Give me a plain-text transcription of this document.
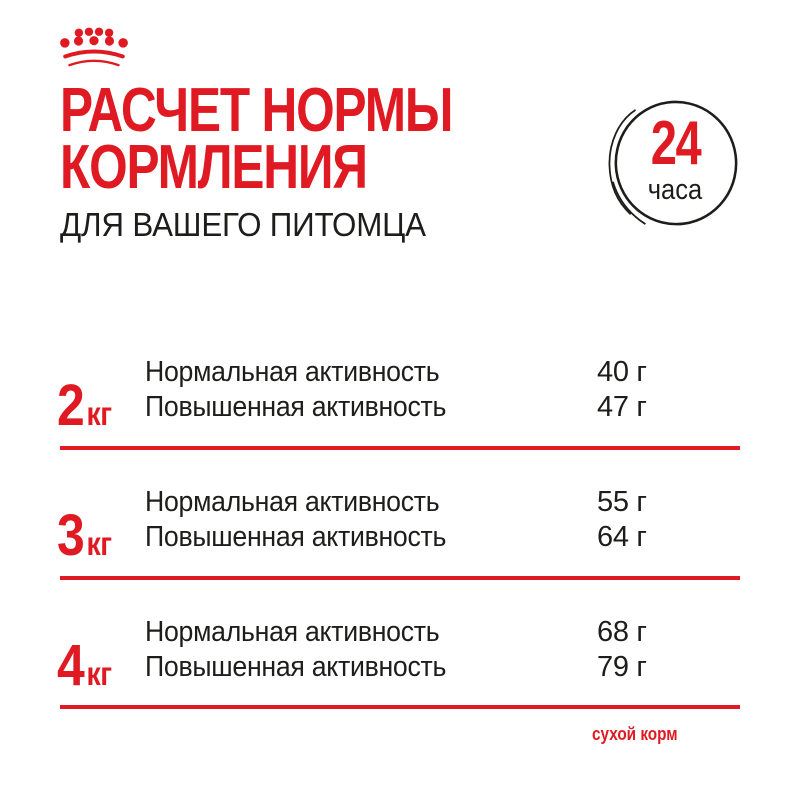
РАСЧЕТ НОРМЫ
КОРМЛЕНИЯ
ДЛЯ ВАШЕГО ПИТОМЦА
24
часа
2кг
Нормальная активность
Повышенная активность
40 г
47 г
3кг
Нормальная активность
Повышенная активность
55 г
64 г
4кг
Нормальная активность
Повышенная активность
68 г
79 г
сухой корм
